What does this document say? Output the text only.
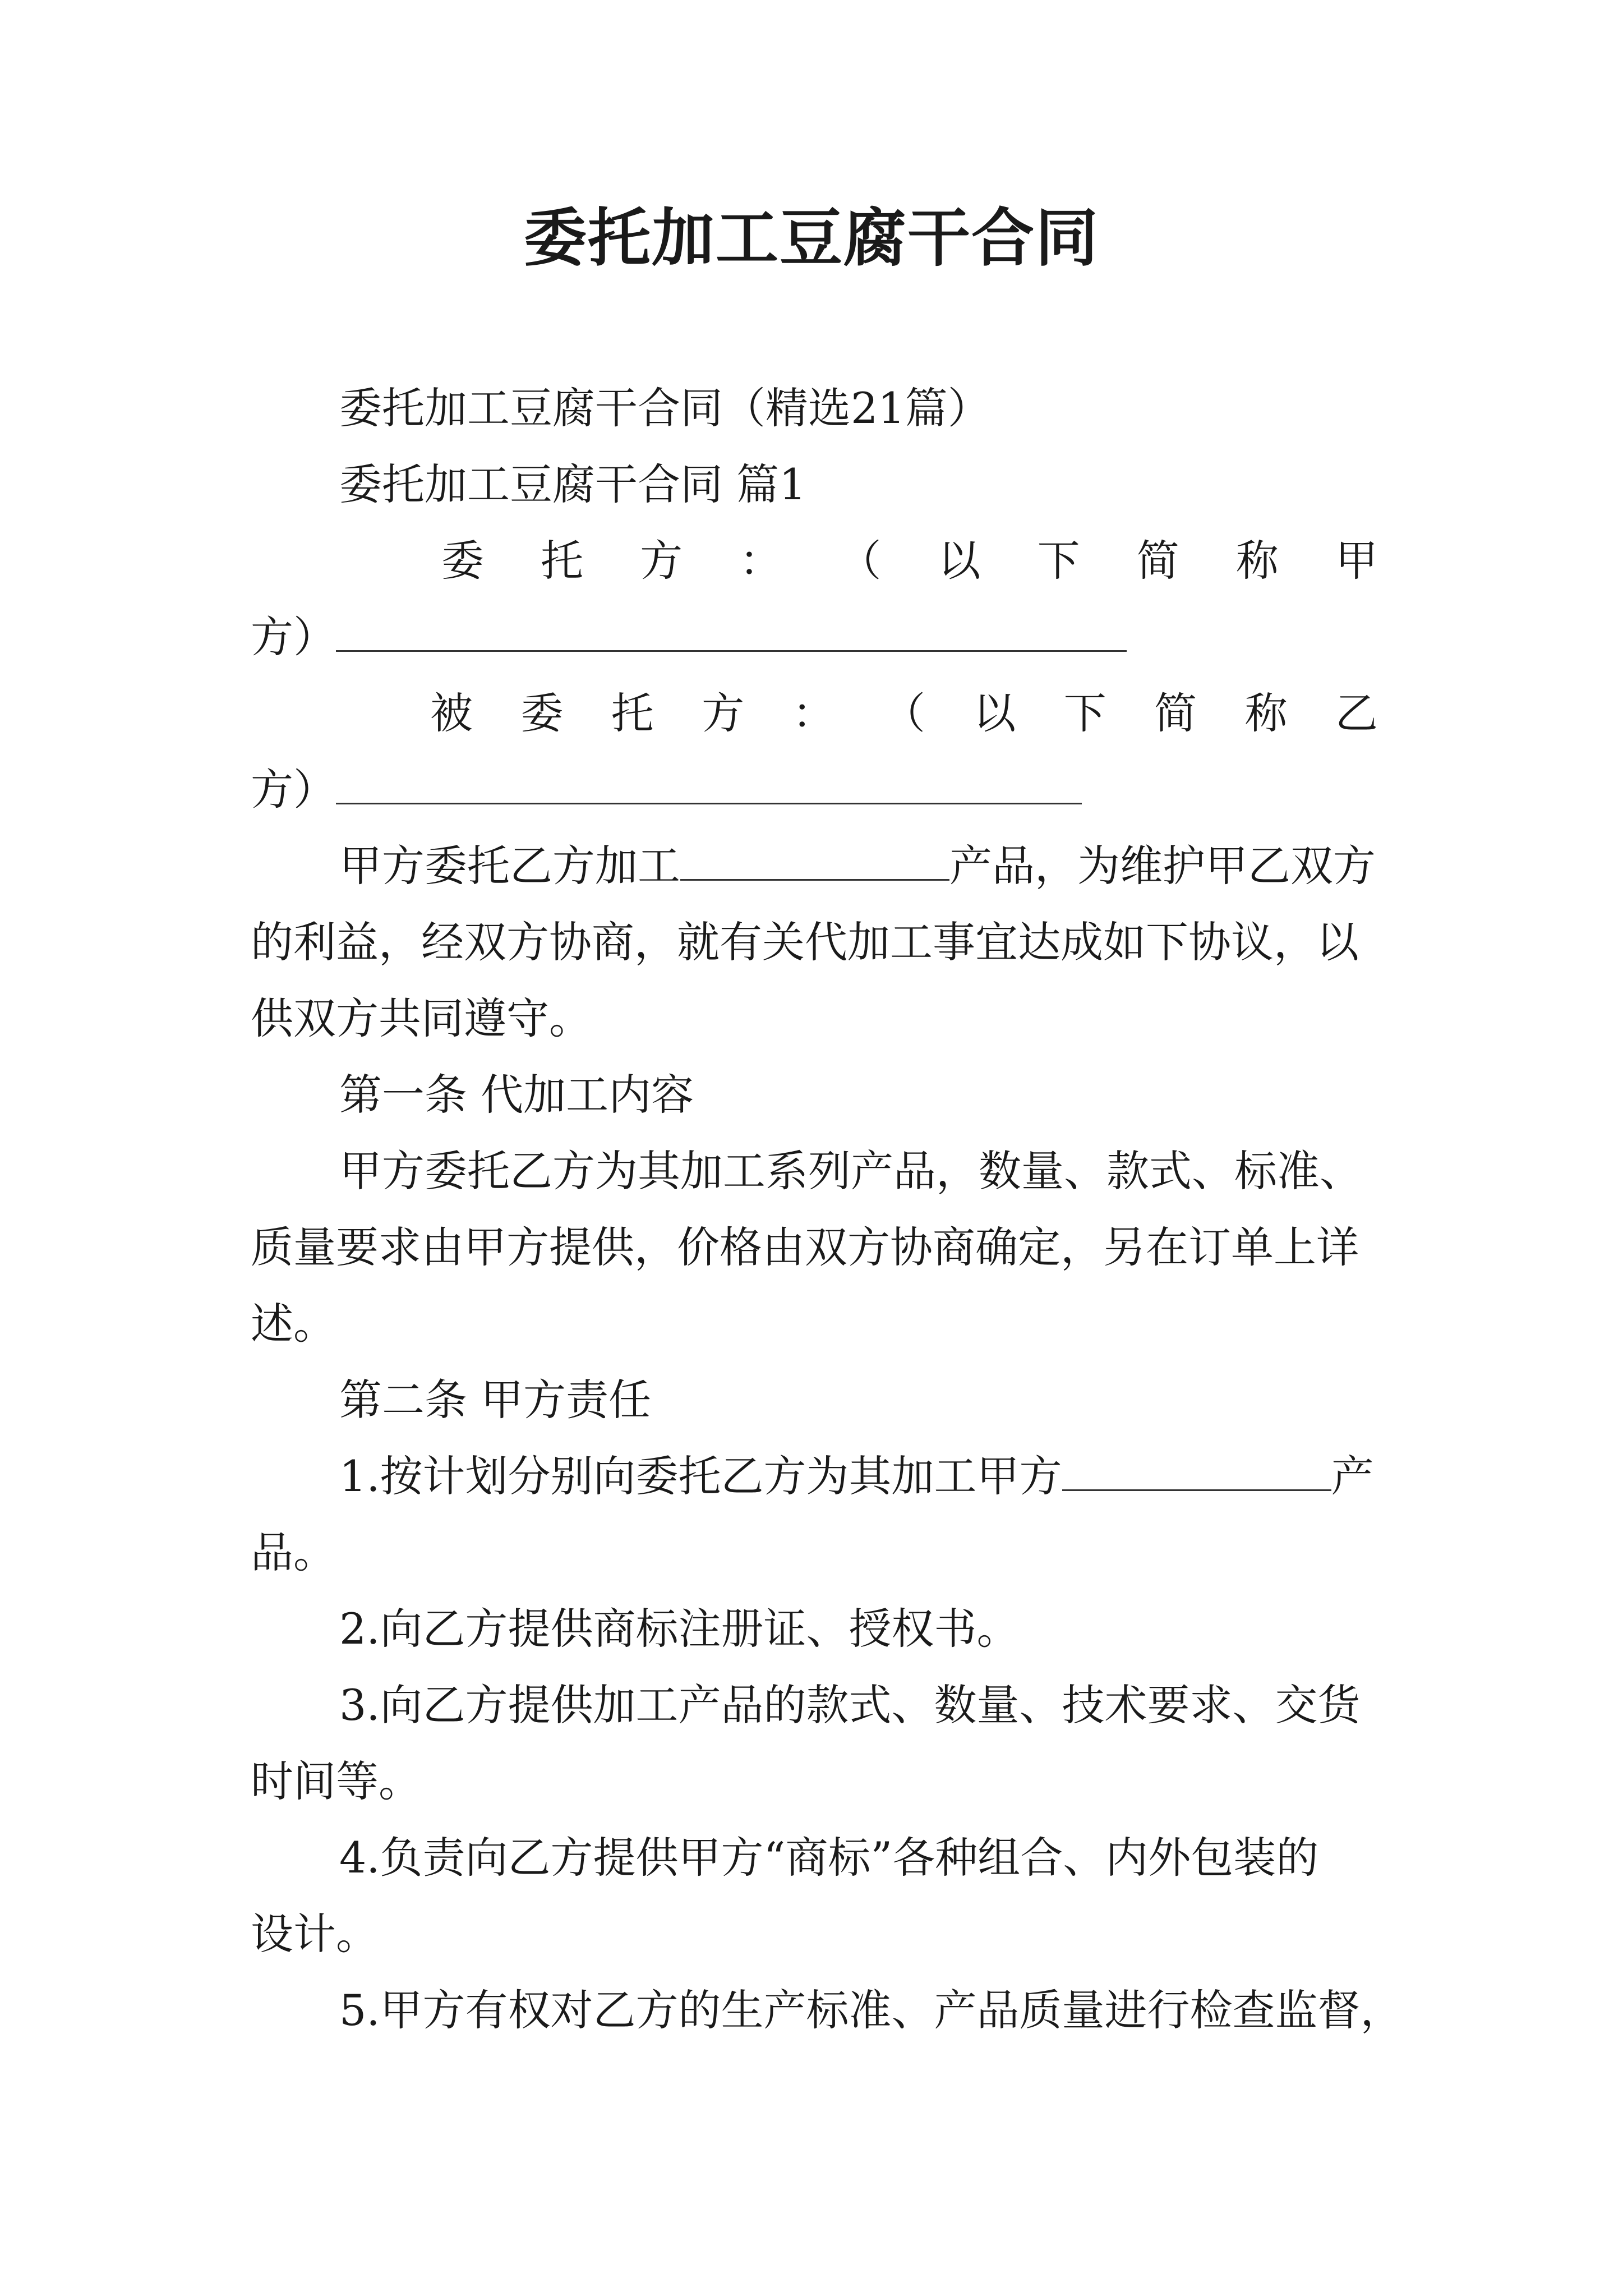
委托加工豆腐干合同
委托加工豆腐干合同（精选21篇）
委托加工豆腐干合同 篇1
委 托 方 ： （ 以 下 简 称 甲
方）
被 委 托 方 ： （ 以 下 简 称 乙
方）
甲方委托乙方加工	产品，为维护甲乙双方
的利益，经双方协商，就有关代加工事宜达成如下协议，以
供双方共同遵守。
第一条 代加工内容
甲方委托乙方为其加工系列产品，数量、款式、标准、
质量要求由甲方提供，价格由双方协商确定，另在订单上详
述。
第二条 甲方责任
1.按计划分别向委托乙方为其加工甲方	产
品。
2.向乙方提供商标注册证、授权书。
3.向乙方提供加工产品的款式、数量、技术要求、交货
时间等。
4.负责向乙方提供甲方“商标”各种组合、内外包装的
设计。
5.甲方有权对乙方的生产标准、产品质量进行检查监督，
